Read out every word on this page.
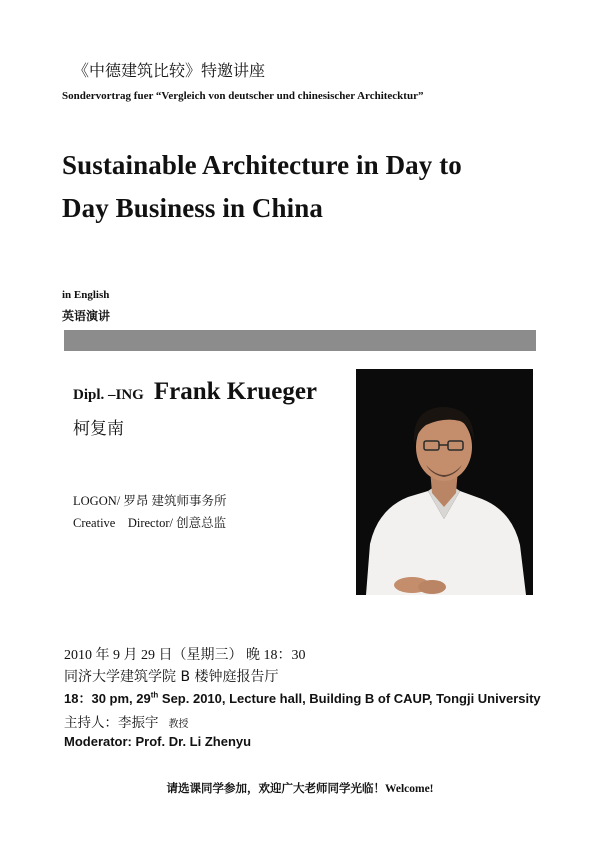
《中德建筑比较》特邀讲座
Sondervortrag fuer “Vergleich von deutscher und chinesischer Architecktur”
Sustainable Architecture in Day to
Day Business in China
in English
英语演讲
Dipl. –ING Frank Krueger
柯复南
LOGON/ 罗昂 建筑师事务所
Creative    Director/ 创意总监
2010 年 9 月 29 日（星期三） 晚 18：30
同济大学建筑学院 B 楼钟庭报告厅
18：30 pm, 29th Sep. 2010, Lecture hall, Building B of CAUP, Tongji University
主持人：李振宇 教授
Moderator: Prof. Dr. Li Zhenyu
请选课同学参加，欢迎广大老师同学光临！Welcome!
